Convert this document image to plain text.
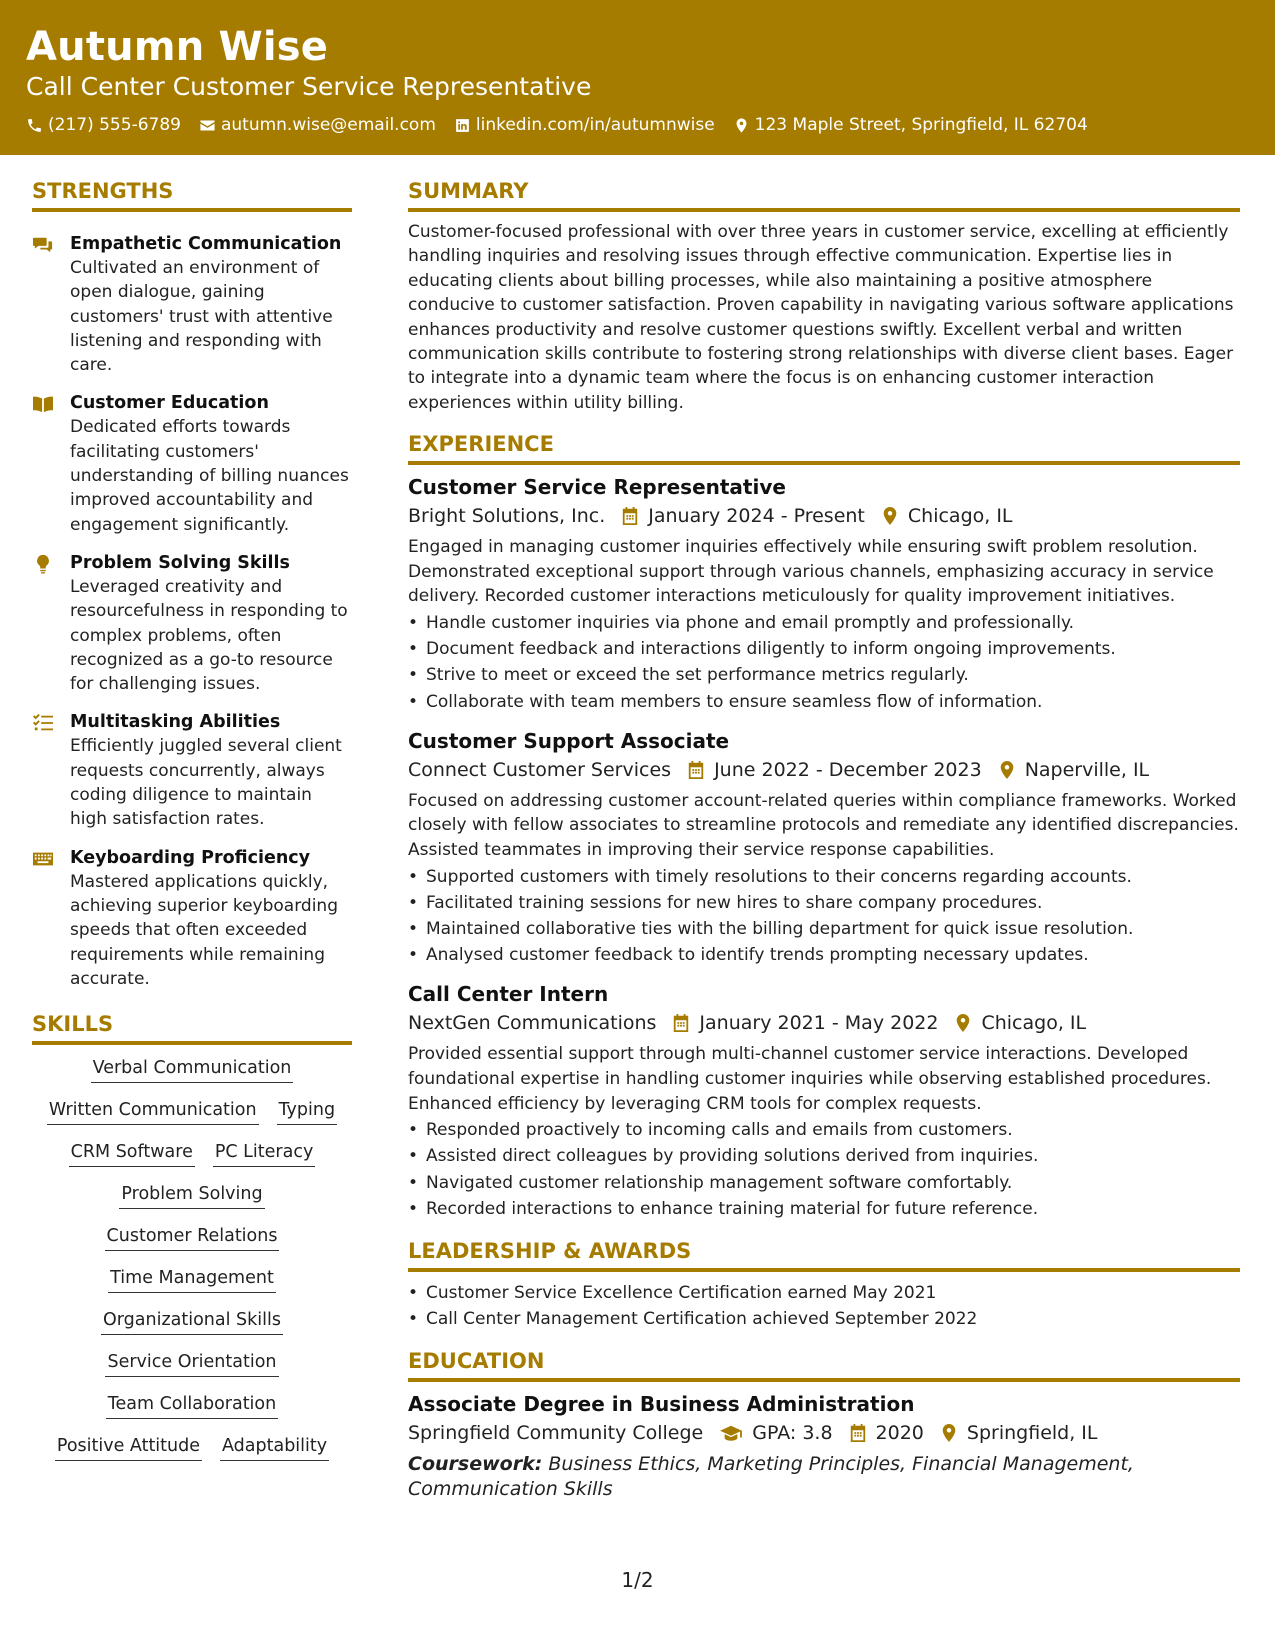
Autumn Wise
Call Center Customer Service Representative
(217) 555-6789 autumn.wise@email.com linkedin.com/in/autumnwise 123 Maple Street, Springfield, IL 62704
STRENGTHS
Empathetic Communication
Cultivated an environment of open dialogue, gaining customers' trust with attentive listening and responding with care.
Customer Education
Dedicated efforts towards facilitating customers' understanding of billing nuances improved accountability and engagement significantly.
Problem Solving Skills
Leveraged creativity and resourcefulness in responding to complex problems, often recognized as a go-to resource for challenging issues.
Multitasking Abilities
Efficiently juggled several client requests concurrently, always coding diligence to maintain high satisfaction rates.
Keyboarding Proficiency
Mastered applications quickly, achieving superior keyboarding speeds that often exceeded requirements while remaining accurate.
SKILLS
Verbal Communication
Written Communication Typing
CRM Software PC Literacy
Problem Solving
Customer Relations
Time Management
Organizational Skills
Service Orientation
Team Collaboration
Positive Attitude Adaptability
SUMMARY
Customer-focused professional with over three years in customer service, excelling at efficiently handling inquiries and resolving issues through effective communication. Expertise lies in educating clients about billing processes, while also maintaining a positive atmosphere conducive to customer satisfaction. Proven capability in navigating various software applications enhances productivity and resolve customer questions swiftly. Excellent verbal and written communication skills contribute to fostering strong relationships with diverse client bases. Eager to integrate into a dynamic team where the focus is on enhancing customer interaction experiences within utility billing.
EXPERIENCE
Customer Service Representative
Bright Solutions, Inc. January 2024 - Present Chicago, IL
Engaged in managing customer inquiries effectively while ensuring swift problem resolution. Demonstrated exceptional support through various channels, emphasizing accuracy in service delivery. Recorded customer interactions meticulously for quality improvement initiatives.
• Handle customer inquiries via phone and email promptly and professionally.
• Document feedback and interactions diligently to inform ongoing improvements.
• Strive to meet or exceed the set performance metrics regularly.
• Collaborate with team members to ensure seamless flow of information.
Customer Support Associate
Connect Customer Services June 2022 - December 2023 Naperville, IL
Focused on addressing customer account-related queries within compliance frameworks. Worked closely with fellow associates to streamline protocols and remediate any identified discrepancies. Assisted teammates in improving their service response capabilities.
• Supported customers with timely resolutions to their concerns regarding accounts.
• Facilitated training sessions for new hires to share company procedures.
• Maintained collaborative ties with the billing department for quick issue resolution.
• Analysed customer feedback to identify trends prompting necessary updates.
Call Center Intern
NextGen Communications January 2021 - May 2022 Chicago, IL
Provided essential support through multi-channel customer service interactions. Developed foundational expertise in handling customer inquiries while observing established procedures. Enhanced efficiency by leveraging CRM tools for complex requests.
• Responded proactively to incoming calls and emails from customers.
• Assisted direct colleagues by providing solutions derived from inquiries.
• Navigated customer relationship management software comfortably.
• Recorded interactions to enhance training material for future reference.
LEADERSHIP & AWARDS
• Customer Service Excellence Certification earned May 2021
• Call Center Management Certification achieved September 2022
EDUCATION
Associate Degree in Business Administration
Springfield Community College	GPA: 3.8 2020 Springfield, IL
Coursework: Business Ethics, Marketing Principles, Financial Management, Communication Skills
1/2
